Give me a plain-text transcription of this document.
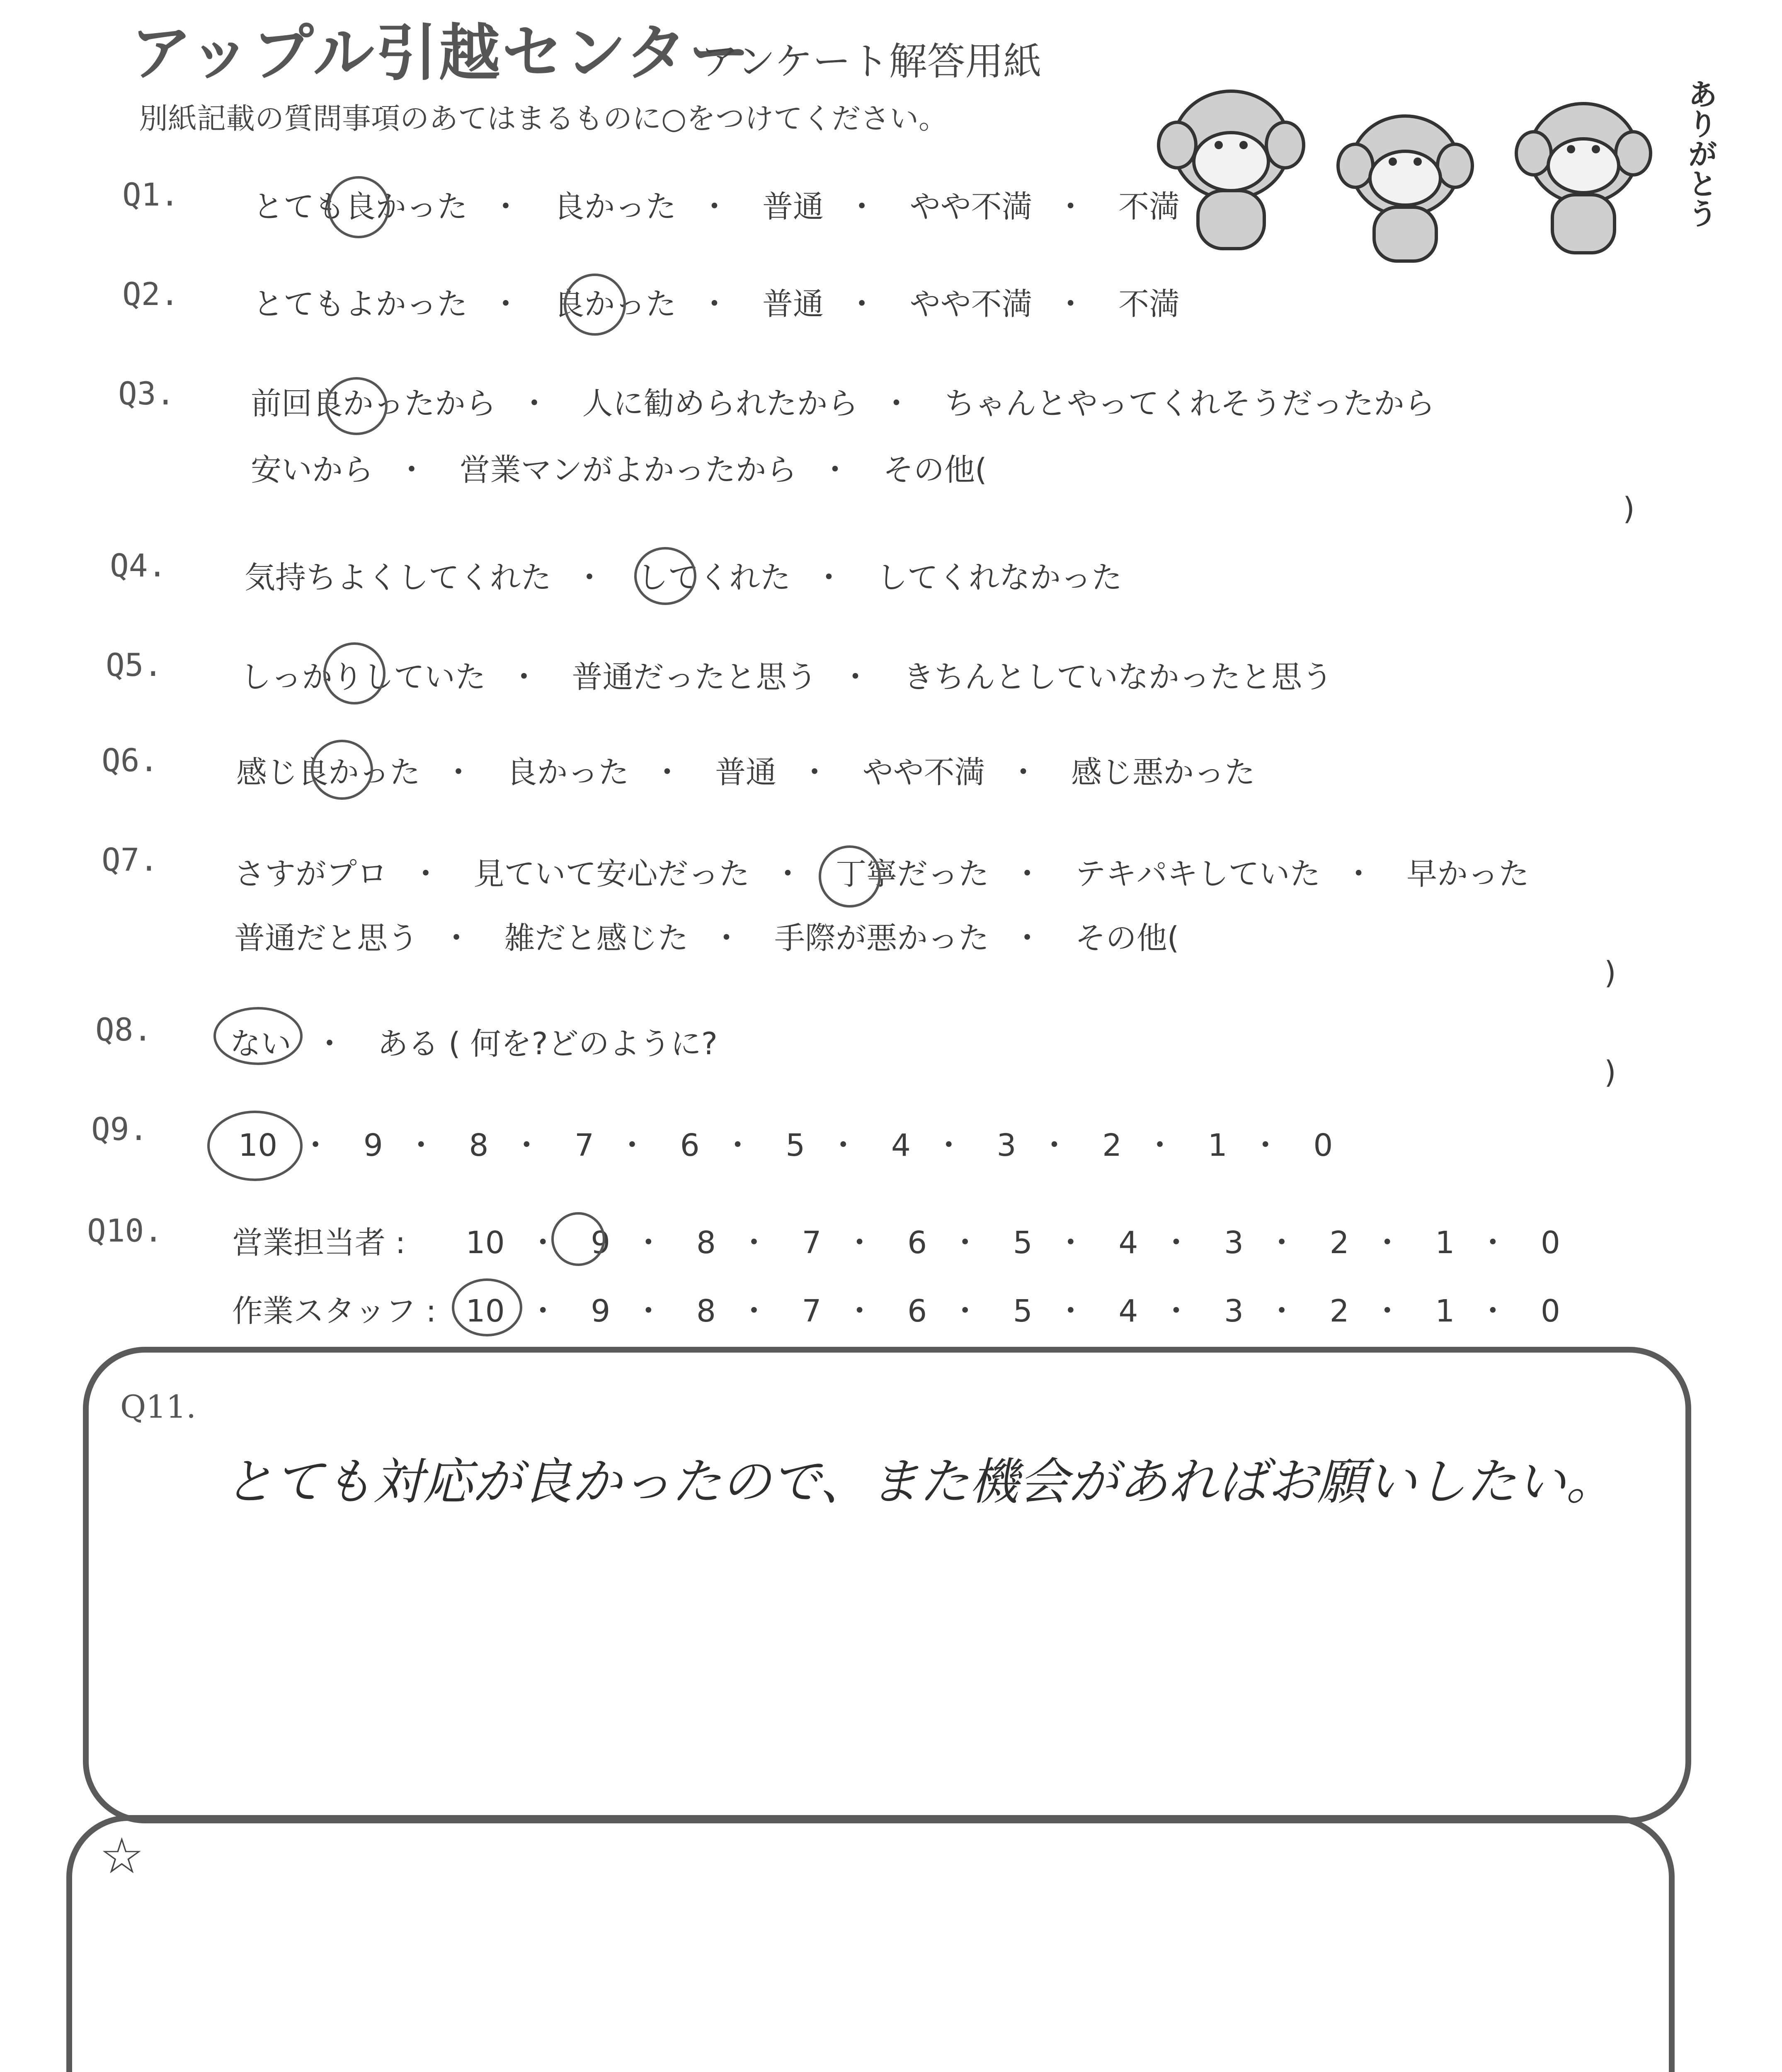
アップル引越センター
アンケート解答用紙
別紙記載の質問事項のあてはまるものに○をつけてください。	ありがとう
Q1. とても良かった ・ 良かった ・ 普通 ・ やや不満 ・ 不満
Q2. とてもよかった ・ 良かった ・ 普通 ・ やや不満 ・ 不満
Q3. 前回良かったから ・ 人に勧められたから ・ ちゃんとやってくれそうだったから
安いから ・ 営業マンがよかったから ・ その他(
)
Q4.	気持ちよくしてくれた ・ してくれた ・ してくれなかった
Q5.	しっかりしていた ・ 普通だったと思う ・ きちんとしていなかったと思う
Q6.	感じ良かった ・ 良かった ・ 普通 ・ やや不満 ・ 感じ悪かった
Q7. さすがプロ ・ 見ていて安心だった ・ 丁寧だった ・ テキパキしていた ・ 早かった
普通だと思う ・ 雑だと感じた ・ 手際が悪かった ・ その他(
)
Q8.	ない ・ ある ( 何を?どのように?
)
Q9.	10 ・ 9 ・ 8 ・ 7 ・ 6 ・ 5 ・ 4 ・ 3 ・ 2 ・ 1 ・ 0
Q10. 営業担当者 : 10 ・ 9 ・ 8 ・ 7 ・ 6 ・ 5 ・ 4 ・ 3 ・ 2 ・ 1 ・ 0
作業スタッフ : 10 ・ 9 ・ 8 ・ 7 ・ 6 ・ 5 ・ 4 ・ 3 ・ 2 ・ 1 ・ 0
Q11.
とても対応が良かったので、また機会があればお願いしたい。
☆
